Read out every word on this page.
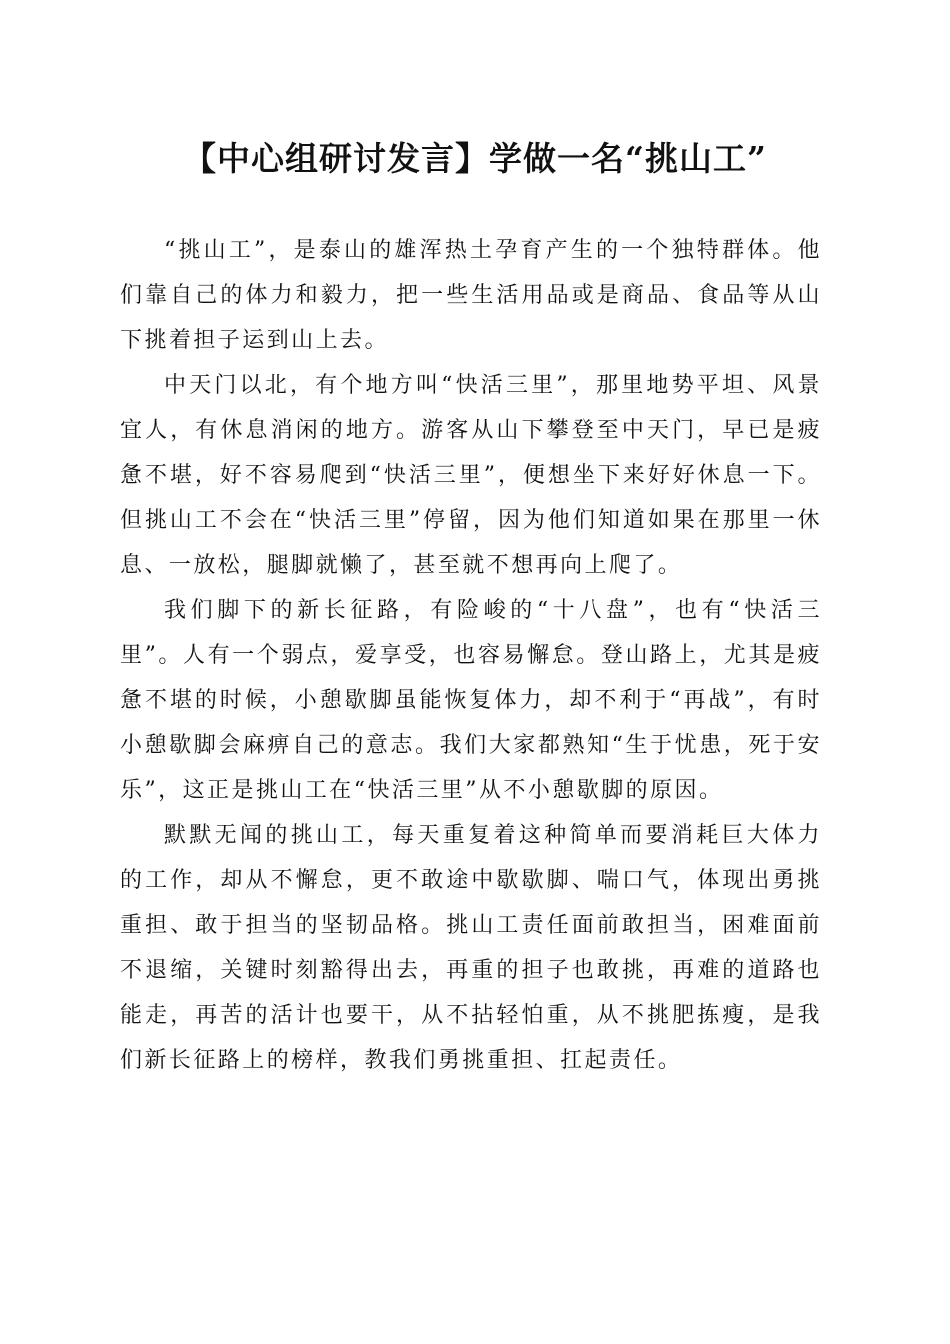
【中心组研讨发言】学做一名“挑山工”

“挑山工”，是泰山的雄浑热土孕育产生的一个独特群体。他们靠自己的体力和毅力，把一些生活用品或是商品、食品等从山下挑着担子运到山上去。

中天门以北，有个地方叫“快活三里”，那里地势平坦、风景宜人，有休息消闲的地方。游客从山下攀登至中天门，早已是疲惫不堪，好不容易爬到“快活三里”，便想坐下来好好休息一下。但挑山工不会在“快活三里”停留，因为他们知道如果在那里一休息、一放松，腿脚就懒了，甚至就不想再向上爬了。

我们脚下的新长征路，有险峻的“十八盘”，也有“快活三里”。人有一个弱点，爱享受，也容易懈怠。登山路上，尤其是疲惫不堪的时候，小憩歇脚虽能恢复体力，却不利于“再战”，有时小憩歇脚会麻痹自己的意志。我们大家都熟知“生于忧患，死于安乐”，这正是挑山工在“快活三里”从不小憩歇脚的原因。

默默无闻的挑山工，每天重复着这种简单而要消耗巨大体力的工作，却从不懈怠，更不敢途中歇歇脚、喘口气，体现出勇挑重担、敢于担当的坚韧品格。挑山工责任面前敢担当，困难面前不退缩，关键时刻豁得出去，再重的担子也敢挑，再难的道路也能走，再苦的活计也要干，从不拈轻怕重，从不挑肥拣瘦，是我们新长征路上的榜样，教我们勇挑重担、扛起责任。
